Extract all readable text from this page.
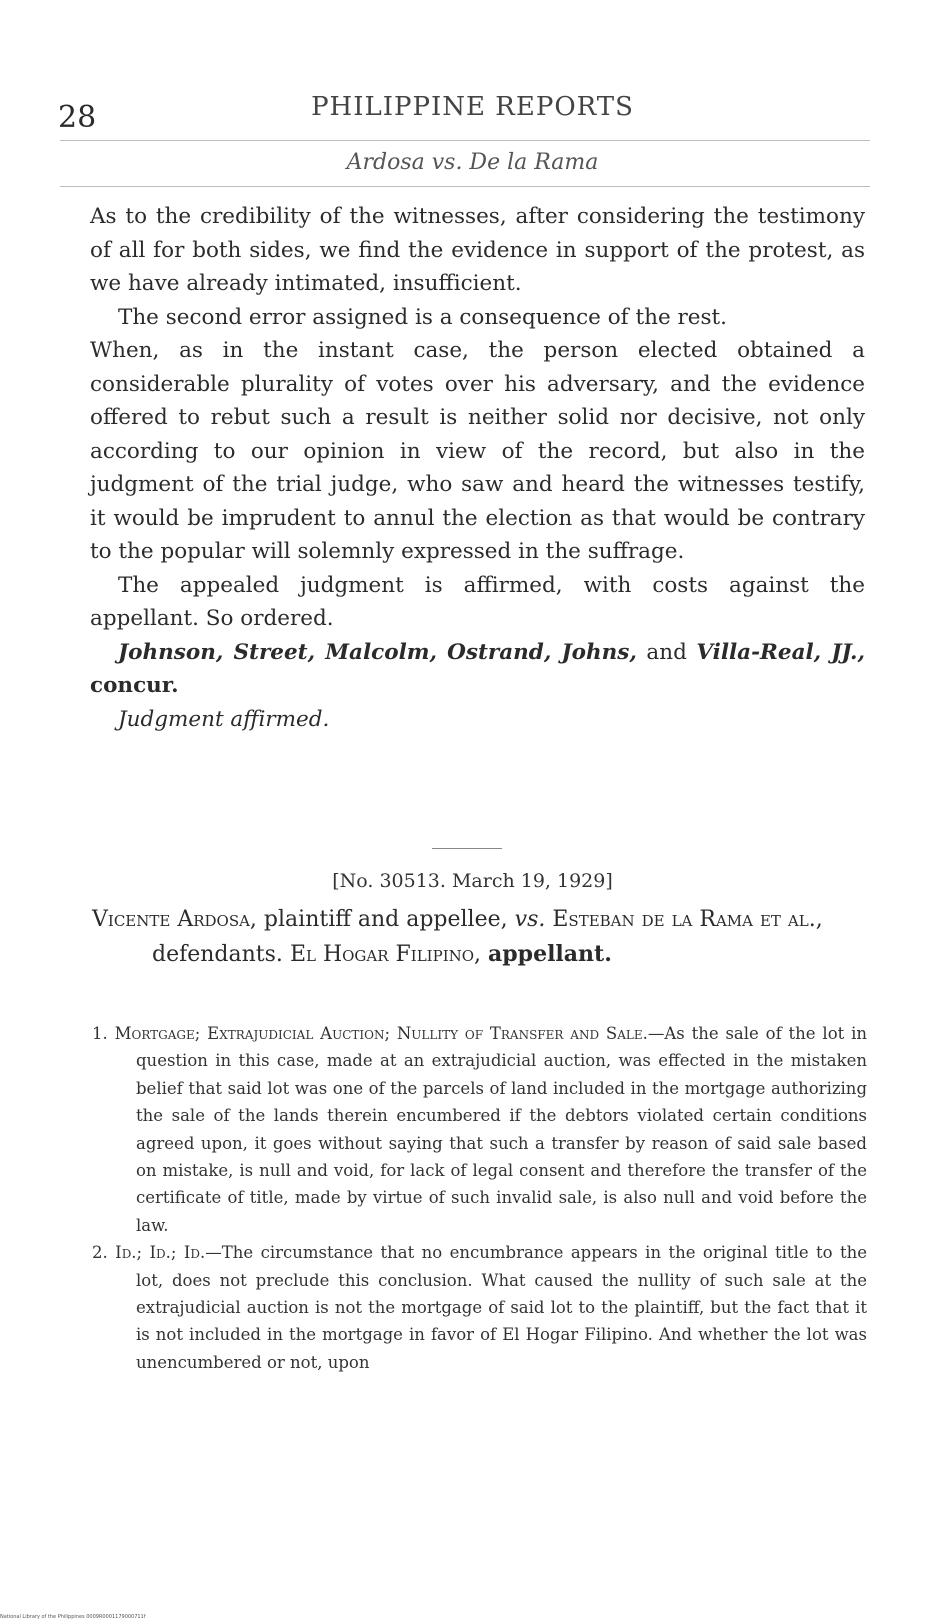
28	PHILIPPINE REPORTS
Ardosa vs. De la Rama

As to the credibility of the witnesses, after considering the testimony of all for both sides, we find the evidence in support of the protest, as we have already intimated, insufficient.

The second error assigned is a consequence of the rest.

When, as in the instant case, the person elected obtained a considerable plurality of votes over his adversary, and the evidence offered to rebut such a result is neither solid nor decisive, not only according to our opinion in view of the record, but also in the judgment of the trial judge, who saw and heard the witnesses testify, it would be imprudent to annul the election as that would be contrary to the popular will solemnly expressed in the suffrage.

The appealed judgment is affirmed, with costs against the appellant. So ordered.

Johnson, Street, Malcolm, Ostrand, Johns, and Villa-Real, JJ., concur.

Judgment affirmed.

[No. 30513. March 19, 1929]

Vicente Ardosa, plaintiff and appellee, vs. Esteban de la Rama et al., defendants. El Hogar Filipino, appellant.

1. Mortgage; Extrajudicial Auction; Nullity of Transfer and Sale.—As the sale of the lot in question in this case, made at an extrajudicial auction, was effected in the mistaken belief that said lot was one of the parcels of land included in the mortgage authorizing the sale of the lands therein encumbered if the debtors violated certain conditions agreed upon, it goes without saying that such a transfer by reason of said sale based on mistake, is null and void, for lack of legal consent and therefore the transfer of the certificate of title, made by virtue of such invalid sale, is also null and void before the law.

2. Id.; Id.; Id.—The circumstance that no encumbrance appears in the original title to the lot, does not preclude this conclusion. What caused the nullity of such sale at the extrajudicial auction is not the mortgage of said lot to the plaintiff, but the fact that it is not included in the mortgage in favor of El Hogar Filipino. And whether the lot was unencumbered or not, upon

National Library of the Philippines 0009R0001179000711f
